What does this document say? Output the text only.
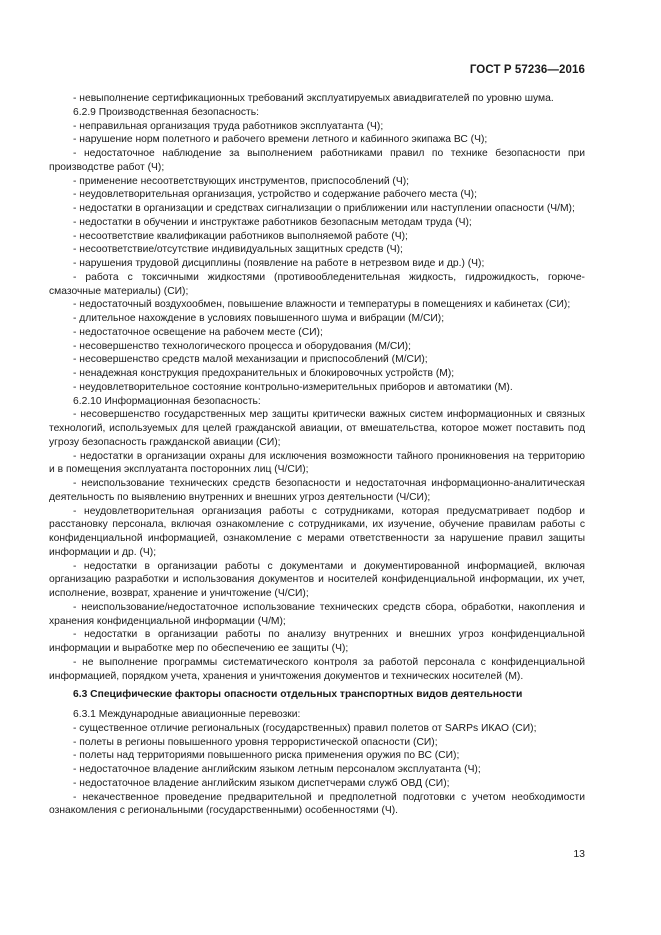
ГОСТ Р 57236—2016

- невыполнение сертификационных требований эксплуатируемых авиадвигателей по уровню шума.

6.2.9 Производственная безопасность:

- неправильная организация труда работников эксплуатанта (Ч);

- нарушение норм полетного и рабочего времени летного и кабинного экипажа ВС (Ч);

- недостаточное наблюдение за выполнением работниками правил по технике безопасности при производстве работ (Ч);

- применение несоответствующих инструментов, приспособлений (Ч);

- неудовлетворительная организация, устройство и содержание рабочего места (Ч);

- недостатки в организации и средствах сигнализации о приближении или наступлении опасности (Ч/М);

- недостатки в обучении и инструктаже работников безопасным методам труда (Ч);

- несоответствие квалификации работников выполняемой работе (Ч);

- несоответствие/отсутствие индивидуальных защитных средств (Ч);

- нарушения трудовой дисциплины (появление на работе в нетрезвом виде и др.) (Ч);

- работа с токсичными жидкостями (противообледенительная жидкость, гидрожидкость, горюче-смазочные материалы) (СИ);

- недостаточный воздухообмен, повышение влажности и температуры в помещениях и кабинетах (СИ);

- длительное нахождение в условиях повышенного шума и вибрации (М/СИ);

- недостаточное освещение на рабочем месте (СИ);

- несовершенство технологического процесса и оборудования (М/СИ);

- несовершенство средств малой механизации и приспособлений (М/СИ);

- ненадежная конструкция предохранительных и блокировочных устройств (М);

- неудовлетворительное состояние контрольно-измерительных приборов и автоматики (М).

6.2.10 Информационная безопасность:

- несовершенство государственных мер защиты критически важных систем информационных и связных технологий, используемых для целей гражданской авиации, от вмешательства, которое может поставить под угрозу безопасность гражданской авиации (СИ);

- недостатки в организации охраны для исключения возможности тайного проникновения на территорию и в помещения эксплуатанта посторонних лиц (Ч/СИ);

- неиспользование технических средств безопасности и недостаточная информационно-аналитическая деятельность по выявлению внутренних и внешних угроз деятельности (Ч/СИ);

- неудовлетворительная организация работы с сотрудниками, которая предусматривает подбор и расстановку персонала, включая ознакомление с сотрудниками, их изучение, обучение правилам работы с конфиденциальной информацией, ознакомление с мерами ответственности за нарушение правил защиты информации и др. (Ч);

- недостатки в организации работы с документами и документированной информацией, включая организацию разработки и использования документов и носителей конфиденциальной информации, их учет, исполнение, возврат, хранение и уничтожение (Ч/СИ);

- неиспользование/недостаточное использование технических средств сбора, обработки, накопления и хранения конфиденциальной информации (Ч/М);

- недостатки в организации работы по анализу внутренних и внешних угроз конфиденциальной информации и выработке мер по обеспечению ее защиты (Ч);

- не выполнение программы систематического контроля за работой персонала с конфиденциальной информацией, порядком учета, хранения и уничтожения документов и технических носителей (М).

6.3 Специфические факторы опасности отдельных транспортных видов деятельности

6.3.1 Международные авиационные перевозки:

- существенное отличие региональных (государственных) правил полетов от SARPs ИКАО (СИ);

- полеты в регионы повышенного уровня террористической опасности (СИ);

- полеты над территориями повышенного риска применения оружия по ВС (СИ);

- недостаточное владение английским языком летным персоналом эксплуатанта (Ч);

- недостаточное владение английским языком диспетчерами служб ОВД (СИ);

- некачественное проведение предварительной и предполетной подготовки с учетом необходимости ознакомления с региональными (государственными) особенностями (Ч).

13
